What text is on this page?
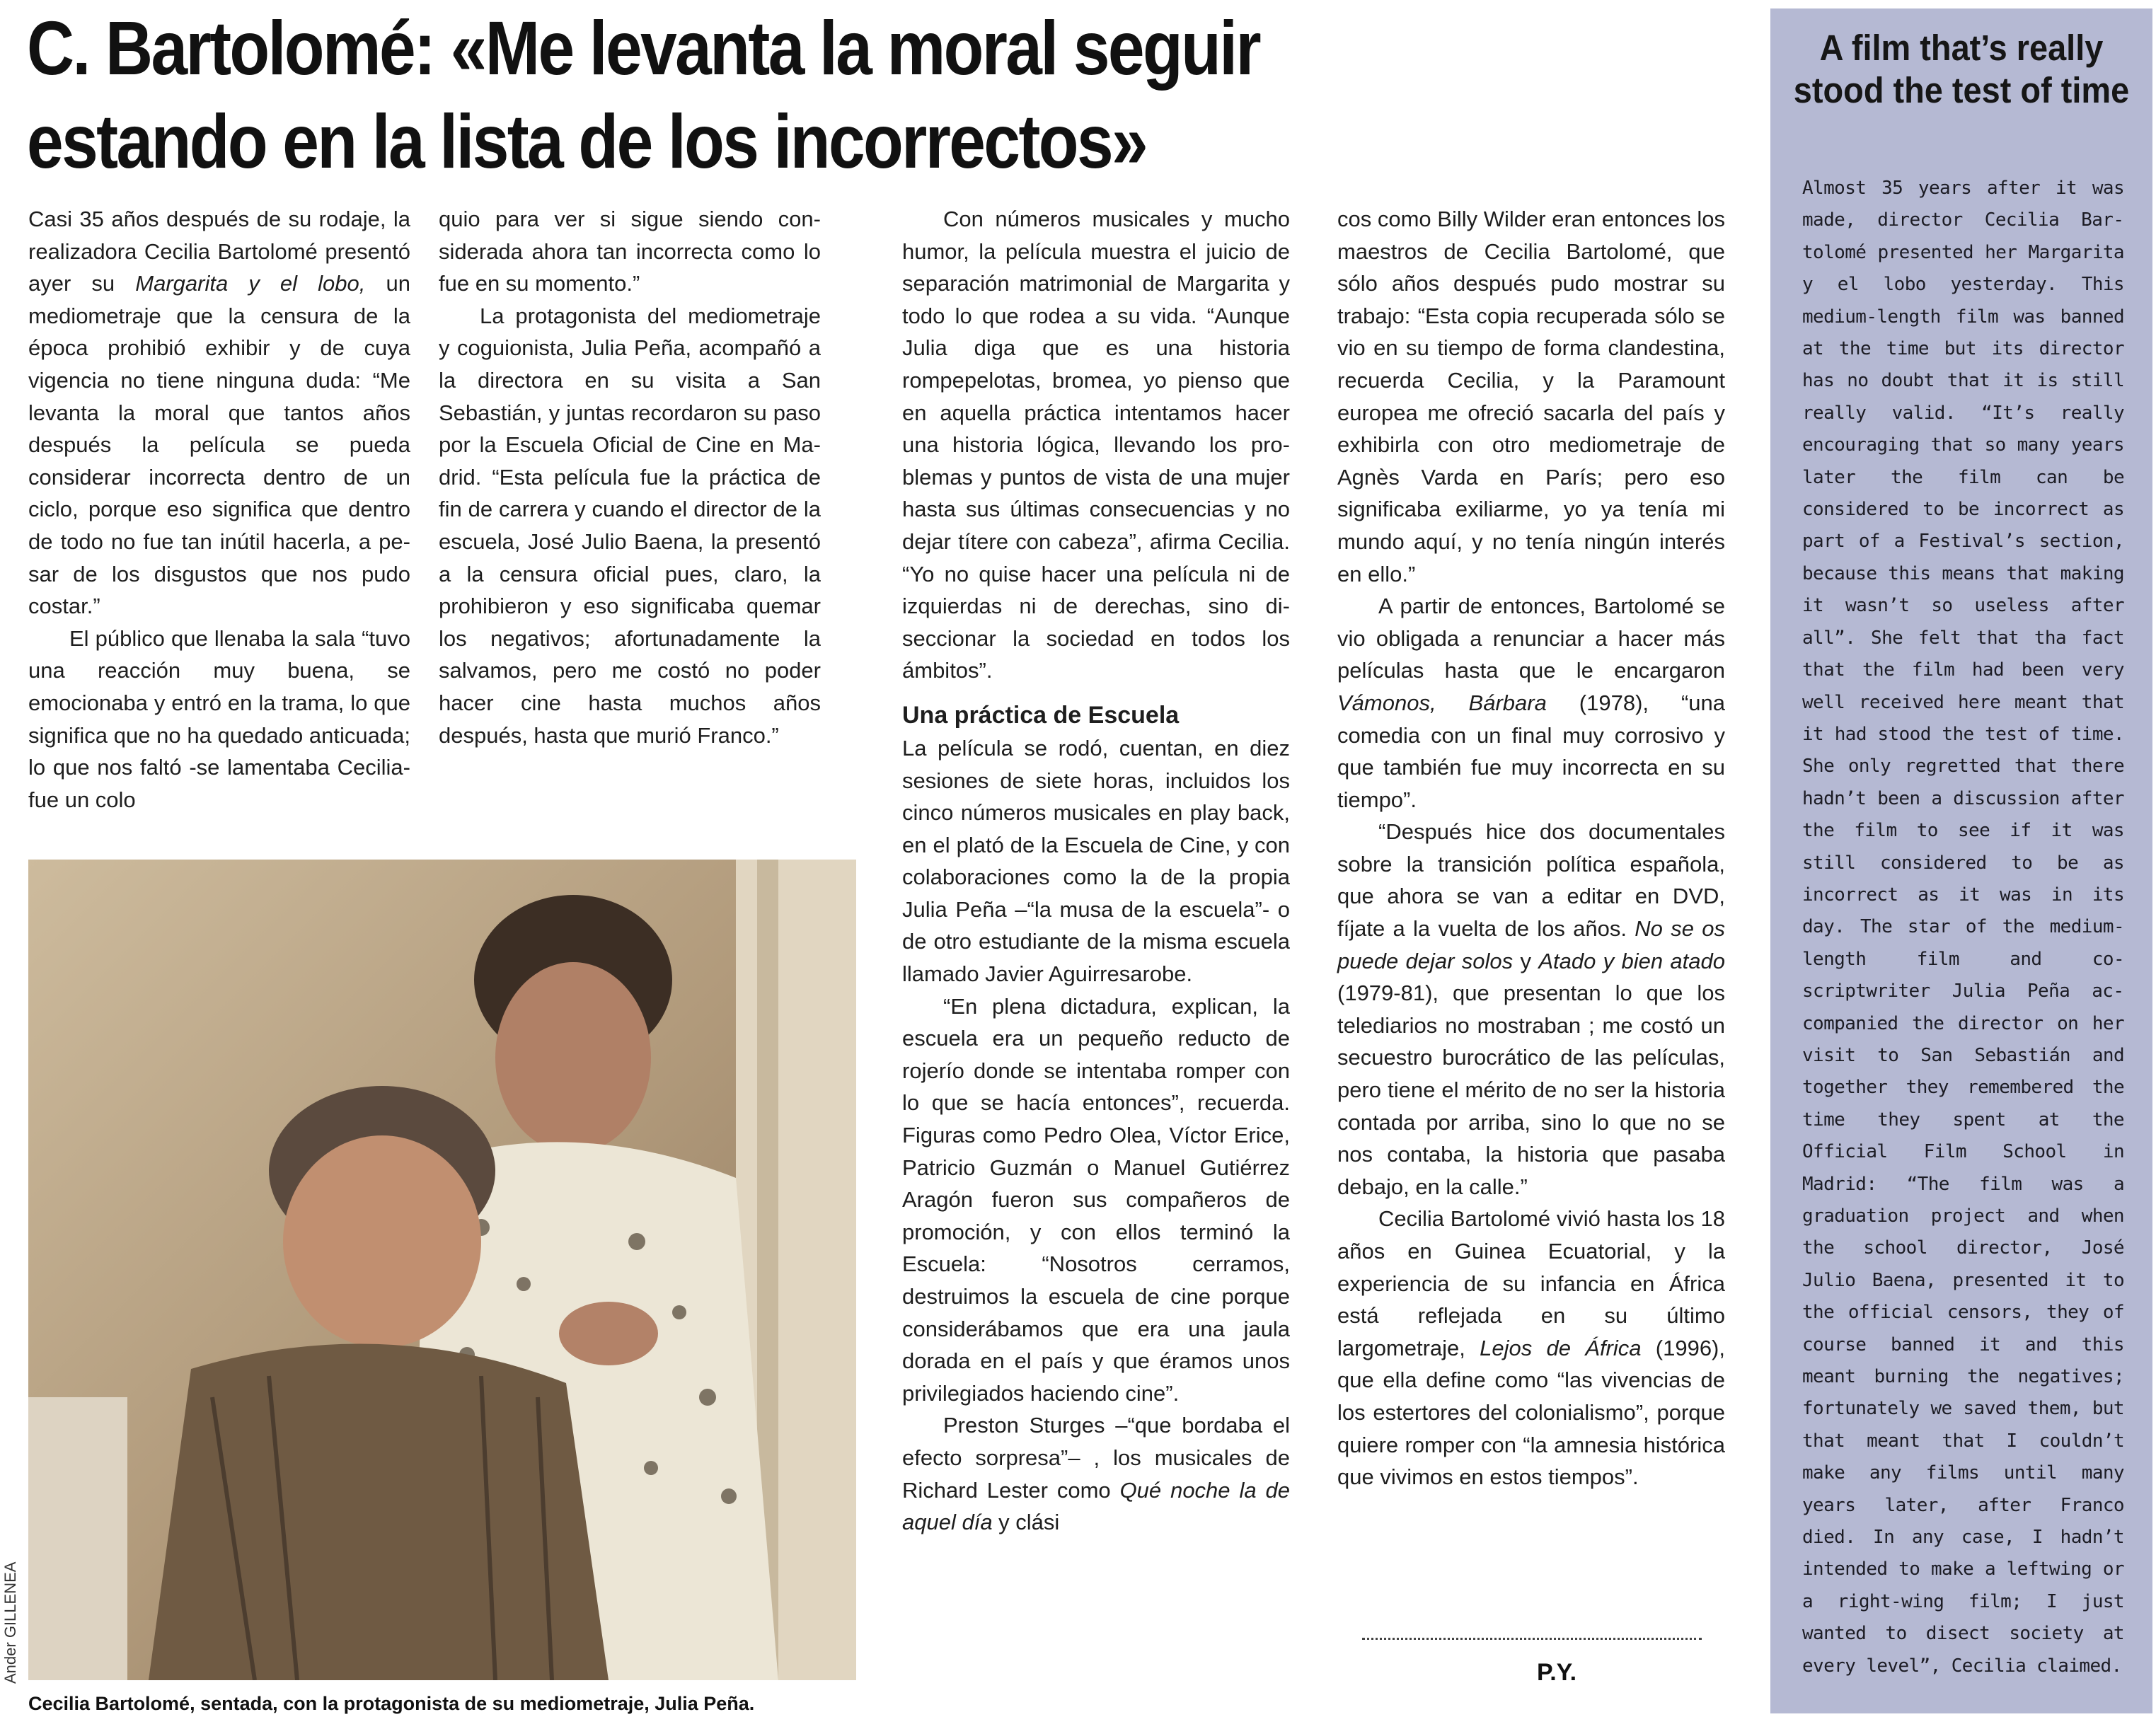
C. Bartolomé: «Me levanta la moral seguir
estando en la lista de los incorrectos»

Casi 35 años después de su rodaje, la realizadora Cecilia Bartolomé presentó ayer su Margarita y el lobo, un mediometraje que la censura de la época prohibió exhibir y de cuya vigencia no tiene ninguna duda: “Me levanta la moral que tantos años después la película se pueda considerar incorrecta dentro de un ciclo, porque eso significa que dentro de todo no fue tan inútil hacerla, a pesar de los disgustos que nos pudo costar.”

El público que llenaba la sala “tuvo una reacción muy buena, se emocionaba y entró en la trama, lo que significa que no ha quedado anticuada; lo que nos faltó -se lamentaba Cecilia- fue un colo

quio para ver si sigue siendo considerada ahora tan incorrecta como lo fue en su momento.”

La protagonista del mediometraje y coguionista, Julia Peña, acompañó a la directora en su visita a San Sebastián, y juntas recordaron su paso por la Escuela Oficial de Cine en Madrid. “Esta película fue la práctica de fin de carrera y cuando el director de la escuela, José Julio Baena, la presentó a la censura oficial pues, claro, la prohibieron y eso significaba quemar los negativos; afortunadamente la salvamos, pero me costó no poder hacer cine hasta muchos años después, hasta que murió Franco.”

Con números musicales y mucho humor, la película muestra el juicio de separación matrimonial de Margarita y todo lo que rodea a su vida. “Aunque Julia diga que es una historia rompepelotas, bromea, yo pienso que en aquella práctica intentamos hacer una historia lógica, llevando los problemas y puntos de vista de una mujer hasta sus últimas consecuencias y no dejar títere con cabeza”, afirma Cecilia. “Yo no quise hacer una película ni de izquierdas ni de derechas, sino diseccionar la sociedad en todos los ámbitos”.

Una práctica de Escuela

La película se rodó, cuentan, en diez sesiones de siete horas, incluidos los cinco números musicales en play back, en el plató de la Escuela de Cine, y con colaboraciones como la de la propia Julia Peña –“la musa de la escuela”- o de otro estudiante de la misma escuela llamado Javier Aguirresarobe.

“En plena dictadura, explican, la escuela era un pequeño reducto de rojerío donde se intentaba romper con lo que se hacía entonces”, recuerda. Figuras como Pedro Olea, Víctor Erice, Patricio Guzmán o Manuel Gutiérrez Aragón fueron sus compañeros de promoción, y con ellos terminó la Escuela: “Nosotros cerramos, destruimos la escuela de cine porque considerábamos que era una jaula dorada en el país y que éramos unos privilegiados haciendo cine”.

Preston Sturges –“que bordaba el efecto sorpresa”– , los musicales de Richard Lester como Qué noche la de aquel día y clási

cos como Billy Wilder eran entonces los maestros de Cecilia Bartolomé, que sólo años después pudo mostrar su trabajo: “Esta copia recuperada sólo se vio en su tiempo de forma clandestina, recuerda Cecilia, y la Paramount europea me ofreció sacarla del país y exhibirla con otro mediometraje de Agnès Varda en París; pero eso significaba exiliarme, yo ya tenía mi mundo aquí, y no tenía ningún interés en ello.”

A partir de entonces, Bartolomé se vio obligada a renunciar a hacer más películas hasta que le encargaron Vámonos, Bárbara (1978), “una comedia con un final muy corrosivo y que también fue muy incorrecta en su tiempo”.

“Después hice dos documentales sobre la transición política española, que ahora se van a editar en DVD, fíjate a la vuelta de los años. No se os puede dejar solos y Atado y bien atado (1979-81), que presentan lo que los telediarios no mostraban ; me costó un secuestro burocrático de las películas, pero tiene el mérito de no ser la historia contada por arriba, sino lo que no se nos contaba, la historia que pasaba debajo, en la calle.”

Cecilia Bartolomé vivió hasta los 18 años en Guinea Ecuatorial, y la experiencia de su infancia en África está reflejada en su último largometraje, Lejos de África (1996), que ella define como “las vivencias de los estertores del colonialismo”, porque quiere romper con “la amnesia histórica que vivimos en estos tiempos”.

Ander GILLENEA
Cecilia Bartolomé, sentada, con la protagonista de su mediometraje, Julia Peña.
P.Y.
A film that’s really stood the test of time
Almost 35 years after it was made, director Cecilia Bartolomé presented her Margarita y el lobo yesterday. This medium-length film was banned at the time but its director has no doubt that it is still really valid. “It’s really encouraging that so many years later the film can be considered to be incorrect as part of a Festival’s section, because this means that making it wasn’t so useless after all”. She felt that tha fact that the film had been very well received here meant that it had stood the test of time. She only regretted that there hadn’t been a discussion after the film to see if it was still considered to be as incorrect as it was in its day. The star of the medium-length film and co-scriptwriter Julia Peña accompanied the director on her visit to San Sebastián and together they remembered the time they spent at the Official Film School in Madrid: “The film was a graduation project and when the school director, José Julio Baena, presented it to the official censors, they of course banned it and this meant burning the negatives; fortunately we saved them, but that meant that I couldn’t make any films until many years later, after Franco died. In any case, I hadn’t intended to make a leftwing or a right-wing film; I just wanted to disect society at every level”, Cecilia claimed.
